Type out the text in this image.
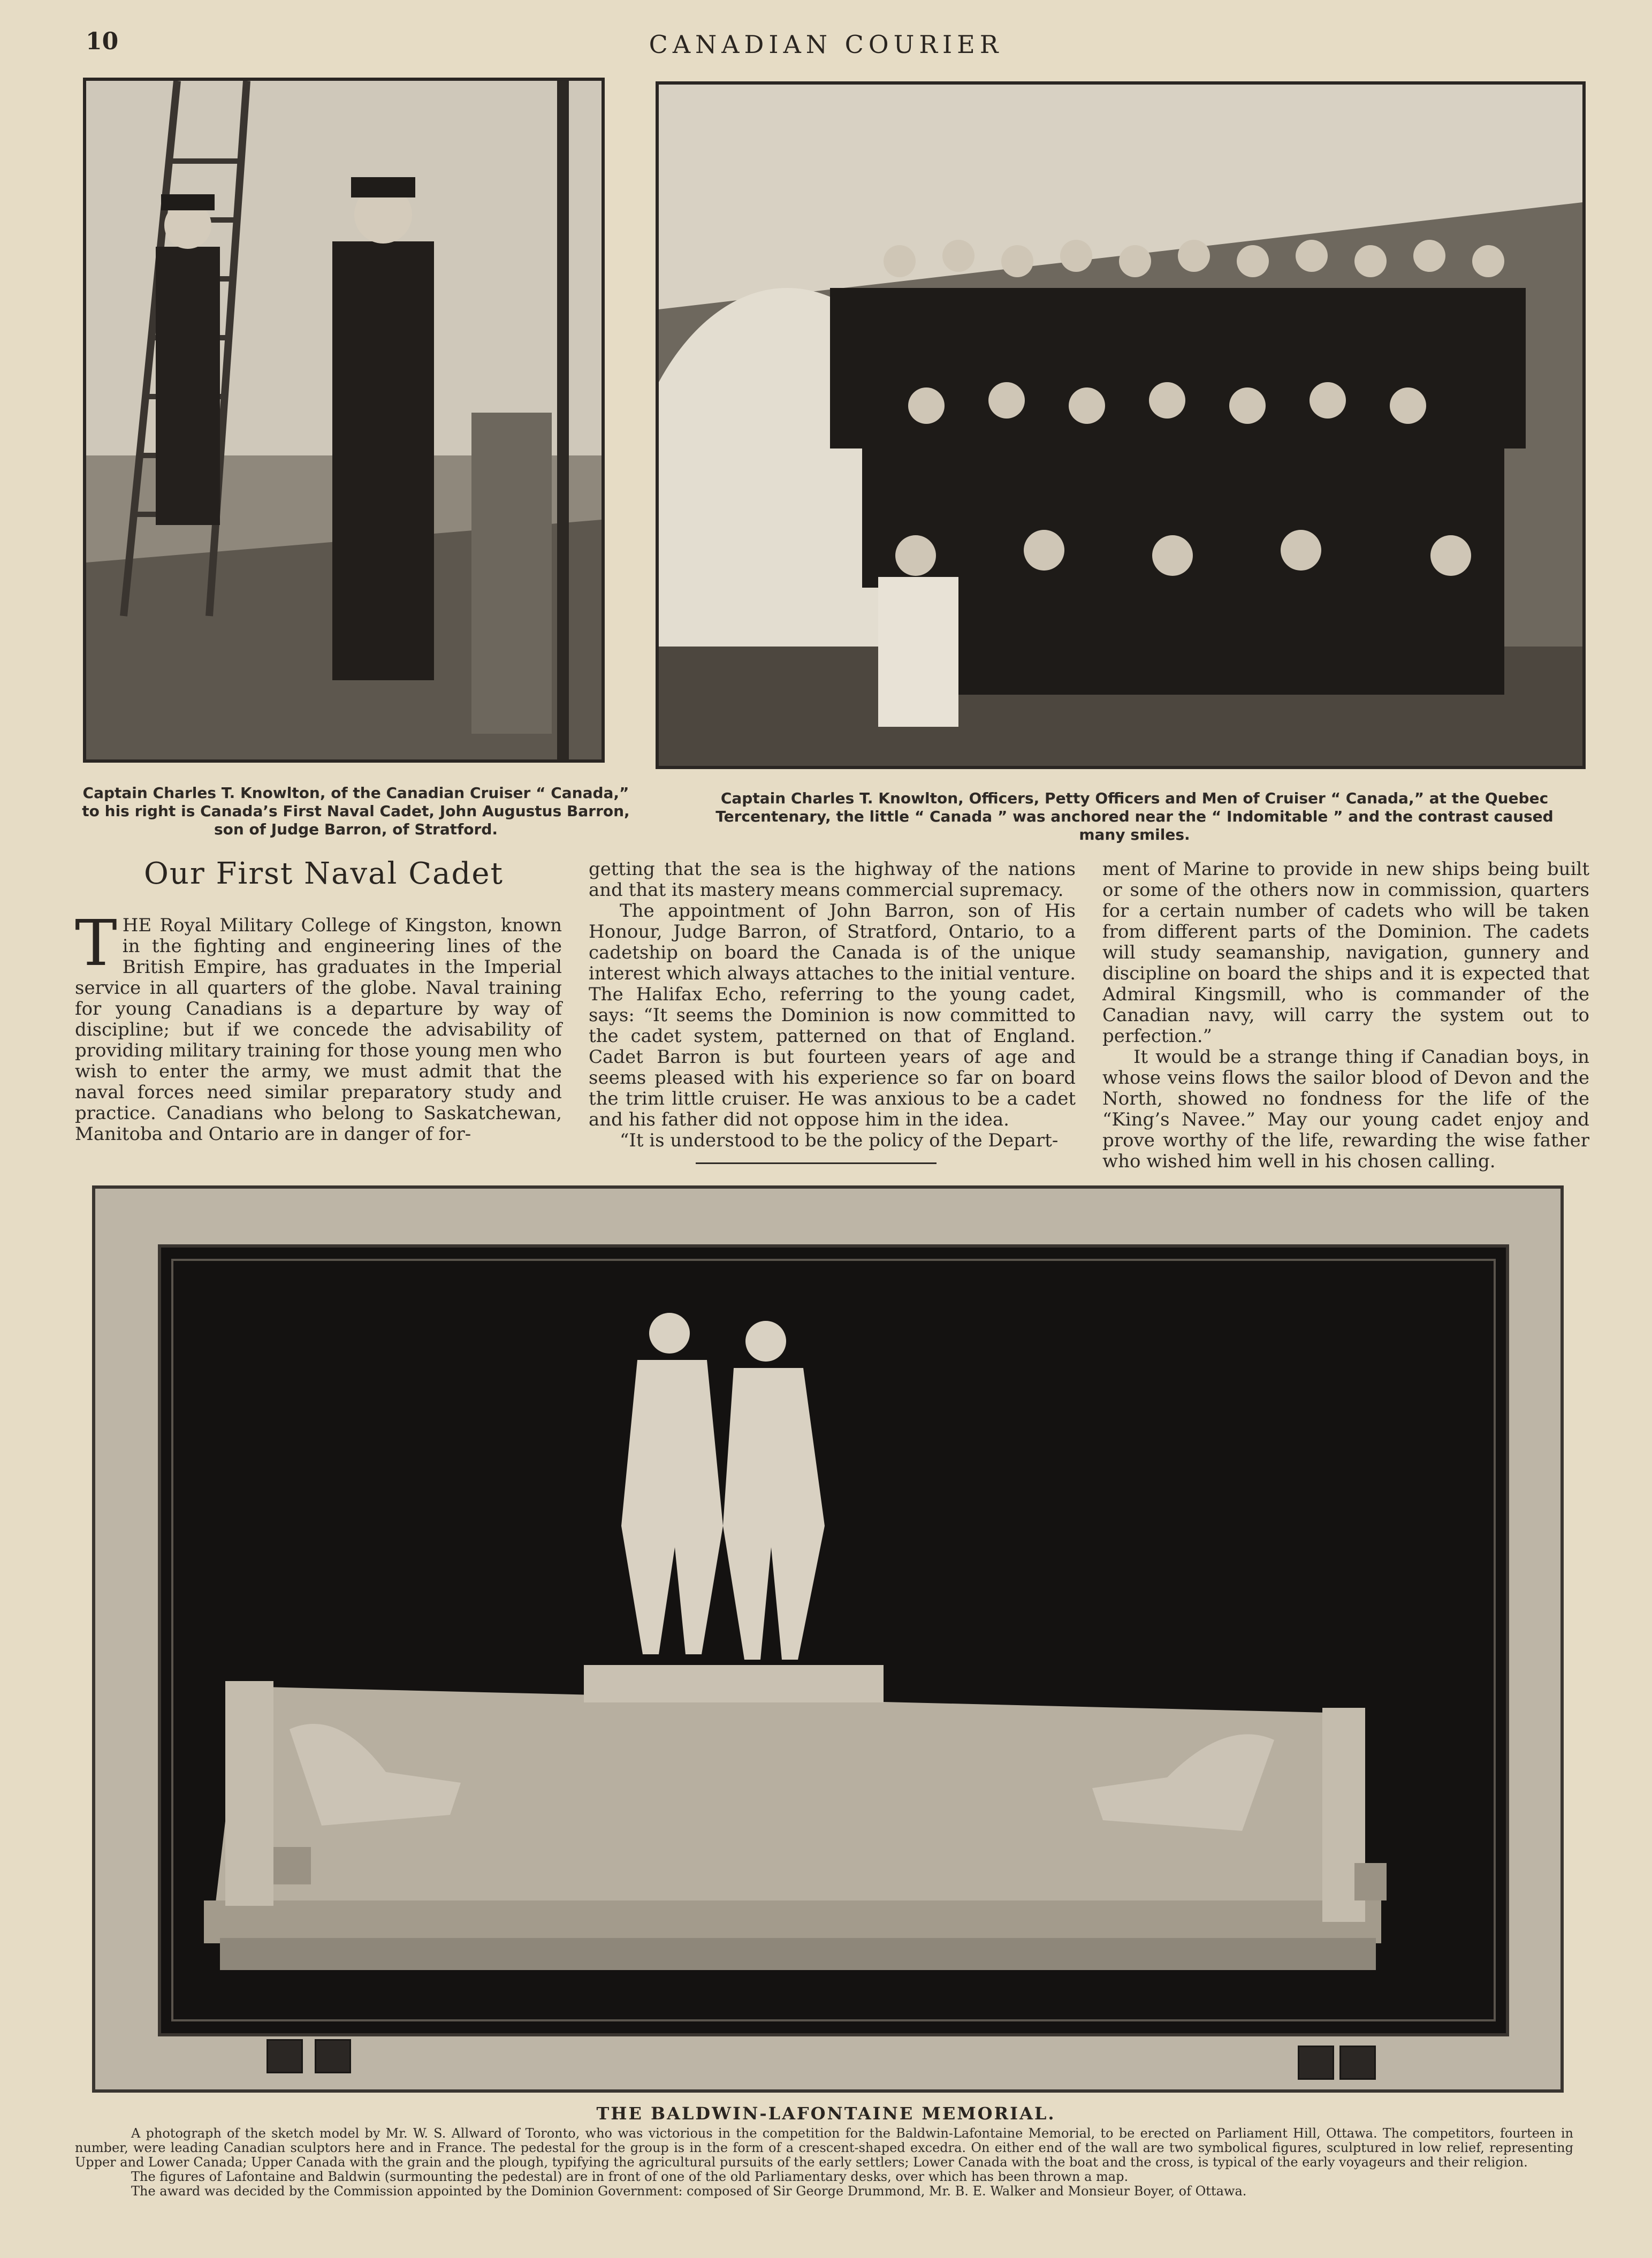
10	CANADIAN COURIER
Captain Charles T. Knowlton, of the Canadian Cruiser “ Canada,” to his right is Canada’s First Naval Cadet, John Augustus Barron, son of Judge Barron, of Stratford.
Captain Charles T. Knowlton, Officers, Petty Officers and Men of Cruiser “ Canada,” at the Quebec Tercentenary, the little “ Canada ” was anchored near the “ Indomitable ” and the contrast caused many smiles.
Our First Naval Cadet
T HE Royal Military College of Kingston, known in the fighting and engineering lines of the British Empire, has graduates in the Imperial service in all quarters of the globe. Naval training for young Canadians is a departure by way of discipline; but if we concede the advisability of providing military training for those young men who wish to enter the army, we must admit that the naval forces need similar preparatory study and practice. Canadians who belong to Saskatchewan, Manitoba and Ontario are in danger of for-

getting that the sea is the highway of the nations and that its mastery means commercial supremacy.

The appointment of John Barron, son of His Honour, Judge Barron, of Stratford, Ontario, to a cadetship on board the Canada is of the unique interest which always attaches to the initial venture. The Halifax Echo, referring to the young cadet, says: “It seems the Dominion is now committed to the cadet system, patterned on that of England. Cadet Barron is but fourteen years of age and seems pleased with his experience so far on board the trim little cruiser. He was anxious to be a cadet and his father did not oppose him in the idea.

“It is understood to be the policy of the Depart-

ment of Marine to provide in new ships being built or some of the others now in commission, quarters for a certain number of cadets who will be taken from different parts of the Dominion. The cadets will study seamanship, navigation, gunnery and discipline on board the ships and it is expected that Admiral Kingsmill, who is commander of the Canadian navy, will carry the system out to perfection.”

It would be a strange thing if Canadian boys, in whose veins flows the sailor blood of Devon and the North, showed no fondness for the life of the “King’s Navee.” May our young cadet enjoy and prove worthy of the life, rewarding the wise father who wished him well in his chosen calling.

THE BALDWIN-LAFONTAINE MEMORIAL.

A photograph of the sketch model by Mr. W. S. Allward of Toronto, who was victorious in the competition for the Baldwin-Lafontaine Memorial, to be erected on Parliament Hill, Ottawa. The competitors, fourteen in number, were leading Canadian sculptors here and in France. The pedestal for the group is in the form of a crescent-shaped excedra. On either end of the wall are two symbolical figures, sculptured in low relief, representing Upper and Lower Canada; Upper Canada with the grain and the plough, typifying the agricultural pursuits of the early settlers; Lower Canada with the boat and the cross, is typical of the early voyageurs and their religion.

The figures of Lafontaine and Baldwin (surmounting the pedestal) are in front of one of the old Parliamentary desks, over which has been thrown a map.

The award was decided by the Commission appointed by the Dominion Government: composed of Sir George Drummond, Mr. B. E. Walker and Monsieur Boyer, of Ottawa.
